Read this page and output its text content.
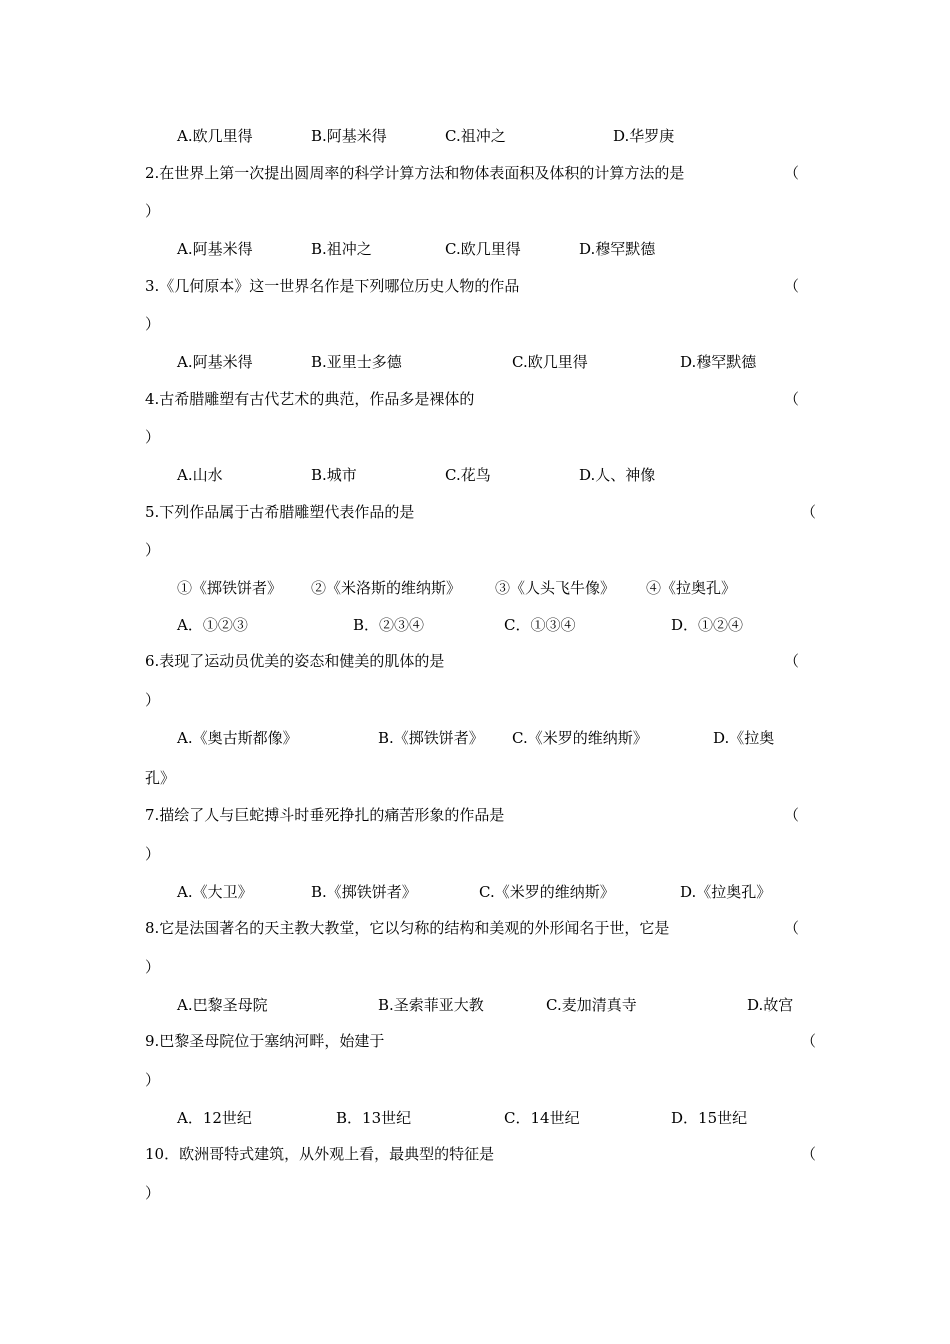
A.欧几里得	B.阿基米得	C.祖冲之	D.华罗庚
2.在世界上第一次提出圆周率的科学计算方法和物体表面积及体积的计算方法的是	（
）
A.阿基米得	B.祖冲之	C.欧几里得	D.穆罕默德
3.《几何原本》这一世界名作是下列哪位历史人物的作品	（
）
A.阿基米得	B.亚里士多德	C.欧几里得	D.穆罕默德
4.古希腊雕塑有古代艺术的典范，作品多是裸体的	（
）
A.山水	B.城市	C.花鸟	D.人、神像
5.下列作品属于古希腊雕塑代表作品的是	（
）
①《掷铁饼者》 ②《米洛斯的维纳斯》 ③《人头飞牛像》 ④《拉奥孔》
A．①②③	B．②③④	C．①③④	D．①②④
6.表现了运动员优美的姿态和健美的肌体的是	（
）
A.《奥古斯都像》	B.《掷铁饼者》 C.《米罗的维纳斯》	D.《拉奥
孔》
7.描绘了人与巨蛇搏斗时垂死挣扎的痛苦形象的作品是	（
）
A.《大卫》	B.《掷铁饼者》	C.《米罗的维纳斯》	D.《拉奥孔》
8.它是法国著名的天主教大教堂，它以匀称的结构和美观的外形闻名于世，它是	（
）
A.巴黎圣母院	B.圣索菲亚大教	C.麦加清真寺	D.故宫
9.巴黎圣母院位于塞纳河畔，始建于	（
）
A．12世纪	B．13世纪	C．14世纪	D．15世纪
10．欧洲哥特式建筑，从外观上看，最典型的特征是	（
）
